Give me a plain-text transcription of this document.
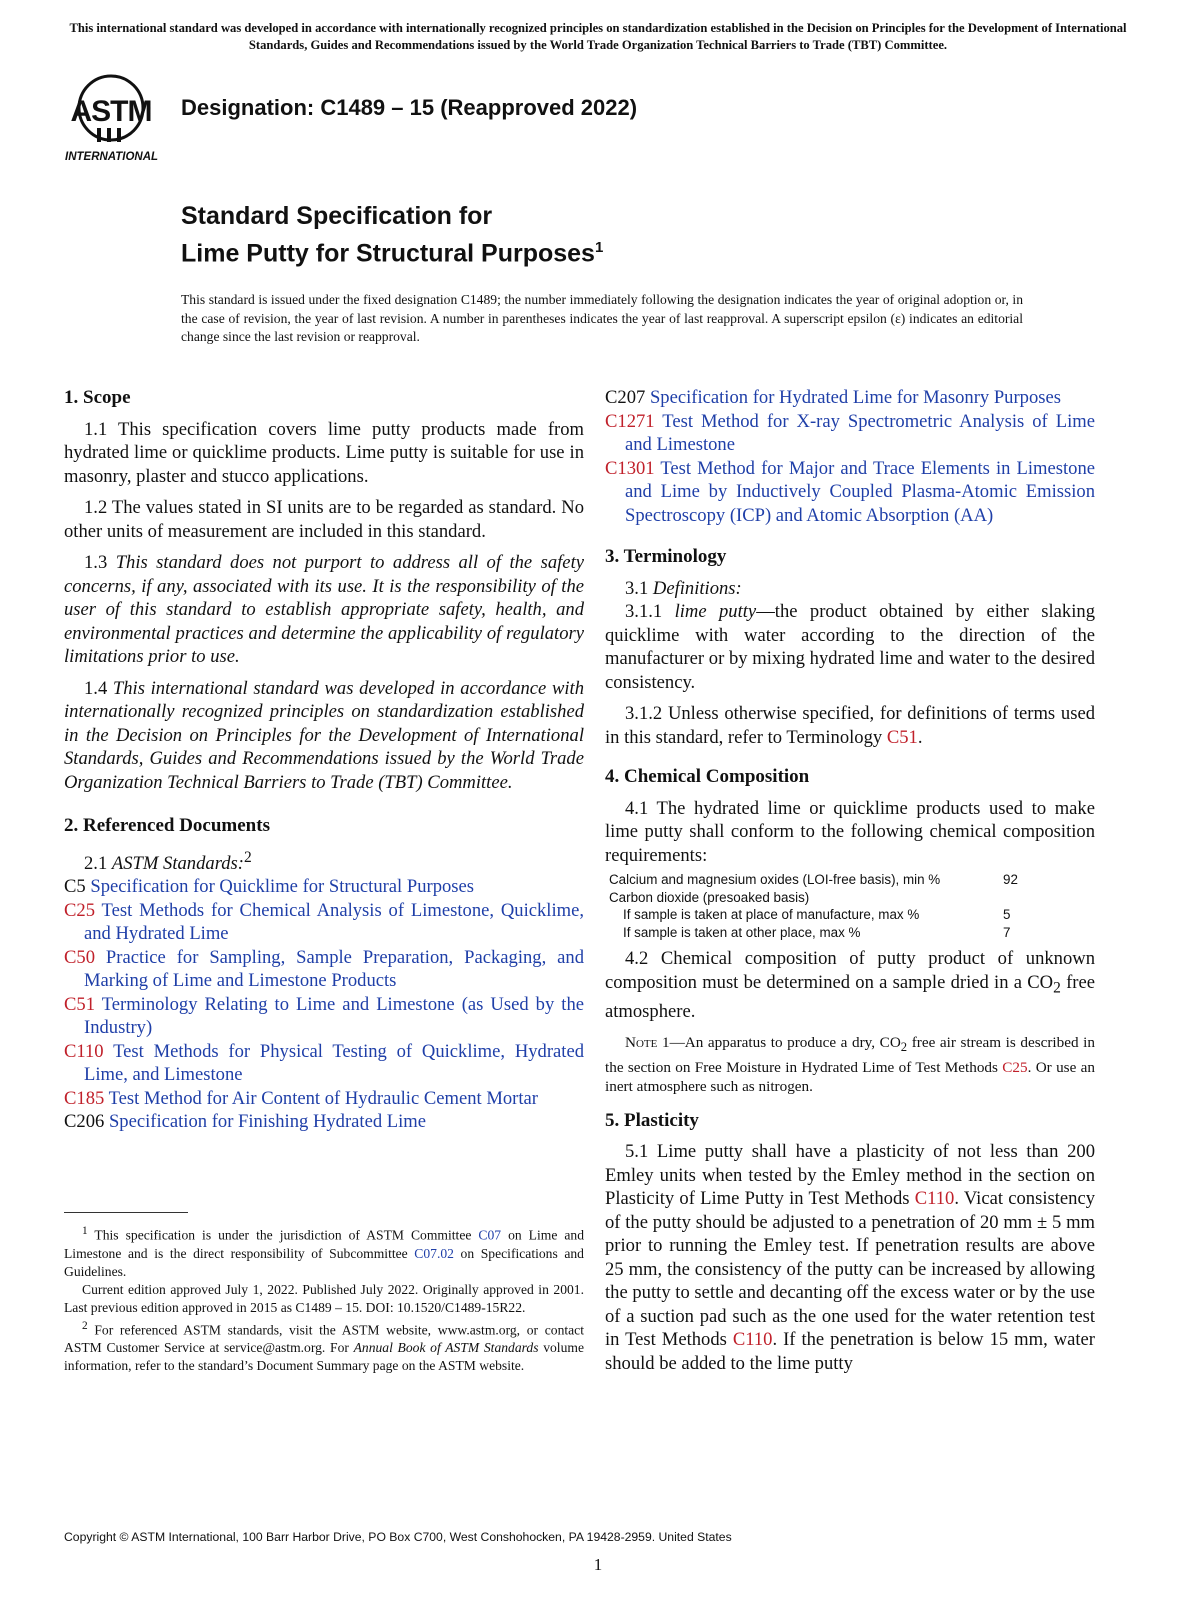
This international standard was developed in accordance with internationally recognized principles on standardization established in the Decision on Principles for the Development of International Standards, Guides and Recommendations issued by the World Trade Organization Technical Barriers to Trade (TBT) Committee.
ASTM
INTERNATIONAL
Designation: C1489 – 15 (Reapproved 2022)
Standard Specification for
Lime Putty for Structural Purposes$^1$
This standard is issued under the fixed designation C1489; the number immediately following the designation indicates the year of original adoption or, in the case of revision, the year of last revision. A number in parentheses indicates the year of last reapproval. A superscript epsilon (ε) indicates an editorial change since the last revision or reapproval.
1. Scope

1.1 This specification covers lime putty products made from hydrated lime or quicklime products. Lime putty is suitable for use in masonry, plaster and stucco applications.

1.2 The values stated in SI units are to be regarded as standard. No other units of measurement are included in this standard.

1.3 This standard does not purport to address all of the safety concerns, if any, associated with its use. It is the responsibility of the user of this standard to establish appropriate safety, health, and environmental practices and determine the applicability of regulatory limitations prior to use.

1.4 This international standard was developed in accordance with internationally recognized principles on standardization established in the Decision on Principles for the Development of International Standards, Guides and Recommendations issued by the World Trade Organization Technical Barriers to Trade (TBT) Committee.

2. Referenced Documents

2.1 ASTM Standards:$^2$

C5 Specification for Quicklime for Structural Purposes
C25 Test Methods for Chemical Analysis of Limestone, Quicklime, and Hydrated Lime
C50 Practice for Sampling, Sample Preparation, Packaging, and Marking of Lime and Limestone Products
C51 Terminology Relating to Lime and Limestone (as Used by the Industry)
C110 Test Methods for Physical Testing of Quicklime, Hydrated Lime, and Limestone
C185 Test Method for Air Content of Hydraulic Cement Mortar
C206 Specification for Finishing Hydrated Lime
C207 Specification for Hydrated Lime for Masonry Purposes
C1271 Test Method for X-ray Spectrometric Analysis of Lime and Limestone
C1301 Test Method for Major and Trace Elements in Limestone and Lime by Inductively Coupled Plasma-Atomic Emission Spectroscopy (ICP) and Atomic Absorption (AA)
3. Terminology

3.1 Definitions:

3.1.1 lime putty—the product obtained by either slaking quicklime with water according to the direction of the manufacturer or by mixing hydrated lime and water to the desired consistency.

3.1.2 Unless otherwise specified, for definitions of terms used in this standard, refer to Terminology C51.

4. Chemical Composition

4.1 The hydrated lime or quicklime products used to make lime putty shall conform to the following chemical composition requirements:

Calcium and magnesium oxides (LOI-free basis), min %	92
Carbon dioxide (presoaked basis)
If sample is taken at place of manufacture, max %	5
If sample is taken at other place, max %	7

4.2 Chemical composition of putty product of unknown composition must be determined on a sample dried in a $CO_2$ free atmosphere.

Note 1—An apparatus to produce a dry, $CO_2$ free air stream is described in the section on Free Moisture in Hydrated Lime of Test Methods C25. Or use an inert atmosphere such as nitrogen.
5. Plasticity

5.1 Lime putty shall have a plasticity of not less than 200 Emley units when tested by the Emley method in the section on Plasticity of Lime Putty in Test Methods C110. Vicat consistency of the putty should be adjusted to a penetration of 20 mm ± 5 mm prior to running the Emley test. If penetration results are above 25 mm, the consistency of the putty can be increased by allowing the putty to settle and decanting off the excess water or by the use of a suction pad such as the one used for the water retention test in Test Methods C110. If the penetration is below 15 mm, water should be added to the lime putty

$^1$ This specification is under the jurisdiction of ASTM Committee C07 on Lime and Limestone and is the direct responsibility of Subcommittee C07.02 on Specifications and Guidelines.

Current edition approved July 1, 2022. Published July 2022. Originally approved in 2001. Last previous edition approved in 2015 as C1489 – 15. DOI: 10.1520/C1489-15R22.

$^2$ For referenced ASTM standards, visit the ASTM website, www.astm.org, or contact ASTM Customer Service at service@astm.org. For Annual Book of ASTM Standards volume information, refer to the standard’s Document Summary page on the ASTM website.

Copyright © ASTM International, 100 Barr Harbor Drive, PO Box C700, West Conshohocken, PA 19428-2959. United States
1
